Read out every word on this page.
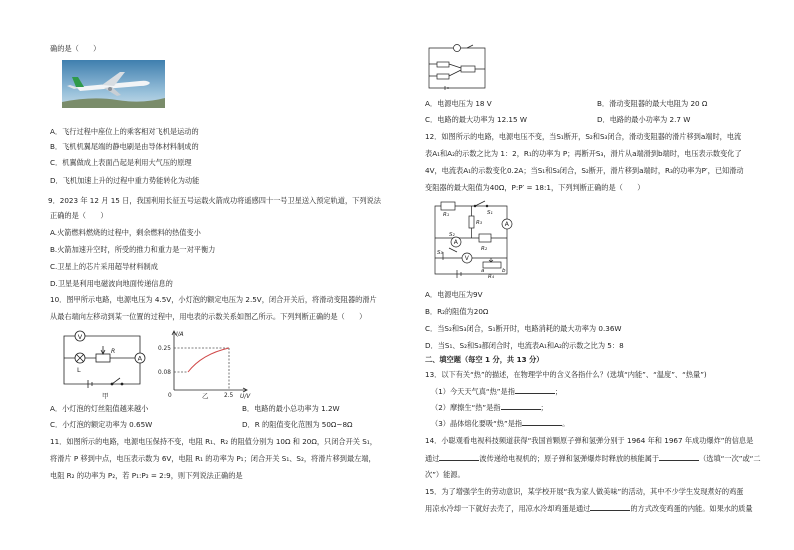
确的是（　　）
A．飞行过程中座位上的乘客相对飞机是运动的
B．飞机机翼尾端的静电刷是由导体材料制成的
C．机翼做成上表面凸起是利用大气压的原理
D．飞机加速上升的过程中重力势能转化为动能
9．2023 年 12 月 15 日，我国利用长征五号运载火箭成功将遥感四十一号卫星送入预定轨道，下列说法
正确的是（　　）
A.火箭燃料燃烧的过程中，剩余燃料的热值变小
B.火箭加速升空时，所受的推力和重力是一对平衡力
C.卫星上的芯片采用超导材料制成
D.卫星是利用电磁波向地面传递信息的
10．图甲所示电路，电源电压为 4.5V，小灯泡的额定电压为 2.5V，闭合开关后，将滑动变阻器的滑片
从最右端向左移动到某一位置的过程中，用电表的示数关系如图乙所示。下列判断正确的是（　　）
V
A
L
R
甲
I/A
U/V
0.25
0.08
0	2.5
乙
A．小灯泡的灯丝阻值越来越小	B．电路的最小总功率为 1.2W
C．小灯泡的额定功率为 0.65W	D．R 的阻值变化范围为 50Ω~8Ω
11．如图所示的电路，电源电压保持不变，电阻 R₁、R₂ 的阻值分别为 10Ω 和 20Ω，只闭合开关 S₁，
将滑片 P 移到中点，电压表示数为 6V，电阻 R₁ 的功率为 P₁；闭合开关 S₁、S₂，将滑片移到最左端，
电阻 R₂ 的功率为 P₂，若 P₁:P₂ = 2:9，则下列说法正确的是
A．电源电压为 18 V	B．滑动变阻器的最大电阻为 20 Ω
C．电路的最大功率为 12.15 W	D．电路的最小功率为 2.7 W
12．如图所示的电路，电源电压不变，当S₁断开，S₂和S₃闭合，滑动变阻器的滑片移到a端时，电流
表A₁和A₂的示数之比为 1：2，R₁的功率为 P；再断开S₃，滑片从a端滑到b端时，电压表示数变化了
4V，电流表A₁的示数变化0.2A；当S₁和S₃闭合，S₂断开，滑片移到a端时，R₃的功率为P′，已知滑动
变阻器的最大阻值为40Ω，P:P′ = 18:1，下列判断正确的是（　　）
R₁	S₁
A
R₃
A
R₂
S₂
S₃
V
a	b
R₄
A．电源电压为9V
B．R₂的阻值为20Ω
C．当S₂和S₃闭合，S₁断开时，电路消耗的最大功率为 0.36W
D．当S₁、S₂和S₃都闭合时，电流表A₁和A₂的示数之比为 5：8
二、填空题（每空 1 分，共 13 分）
13．以下有关“热”的描述，在物理学中的含义各指什么？(选填“内能”、“温度”、“热量”)
（1）今天天气真“热”是指	；
（2）摩擦生“热”是指	；
（3）晶体熔化要吸“热”是指	。
14．小聪观看电视科技频道获得“我国首颗原子弹和氢弹分别于 1964 年和 1967 年成功爆炸”的信息是
通过	波传递给电视机的；原子弹和氢弹爆炸时释放的核能属于	（选填“一次”或“二
次”）能源。
15．为了增强学生的劳动意识，某学校开展“我为家人做美味”的活动，其中不少学生发现煮好的鸡蛋
用凉水冷却一下就好去壳了，用凉水冷却鸡蛋是通过	的方式改变鸡蛋的内能。如果水的质量
